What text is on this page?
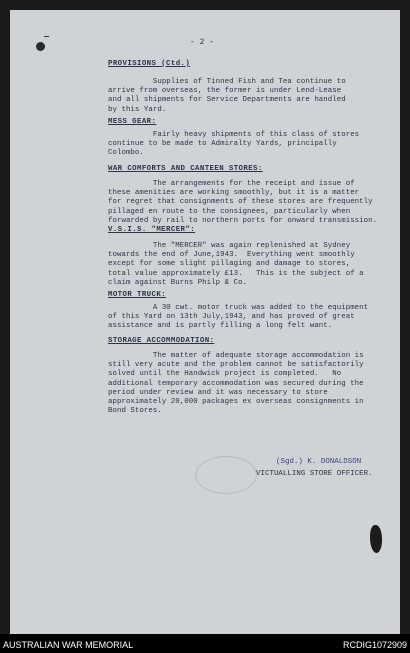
- 2 -
PROVISIONS (Ctd.)
Supplies of Tinned Fish and Tea continue to
arrive from overseas, the former is under Lend-Lease
and all shipments for Service Departments are handled
by this Yard.
MESS GEAR:
Fairly heavy shipments of this class of stores
continue to be made to Admiralty Yards, principally
Colombo.
WAR COMFORTS AND CANTEEN STORES:
The arrangements for the receipt and issue of
these amenities are working smoothly, but it is a matter
for regret that consignments of these stores are frequently
pillaged en route to the consignees, particularly when
forwarded by rail to northern ports for onward transmission.
V.S.I.S. "MERCER":
The "MERCER" was again replenished at Sydney
towards the end of June,1943.  Everything went smoothly
except for some slight pillaging and damage to stores,
total value approximately £13.   This is the subject of a
claim against Burns Philp & Co.
MOTOR TRUCK:
A 30 cwt. motor truck was added to the equipment
of this Yard on 13th July,1943, and has proved of great
assistance and is partly filling a long felt want.
STORAGE ACCOMMODATION:
The matter of adequate storage accommodation is
still very acute and the problem cannot be satisfactorily
solved until the Handwick project is completed.   No
additional temporary accommodation was secured during the
period under review and it was necessary to store
approximately 20,000 packages ex overseas consignments in
Bond Stores.
(Sgd.) K. DONALDSON
VICTUALLING STORE OFFICER.
AUSTRALIAN WAR MEMORIAL	RCDIG1072909
